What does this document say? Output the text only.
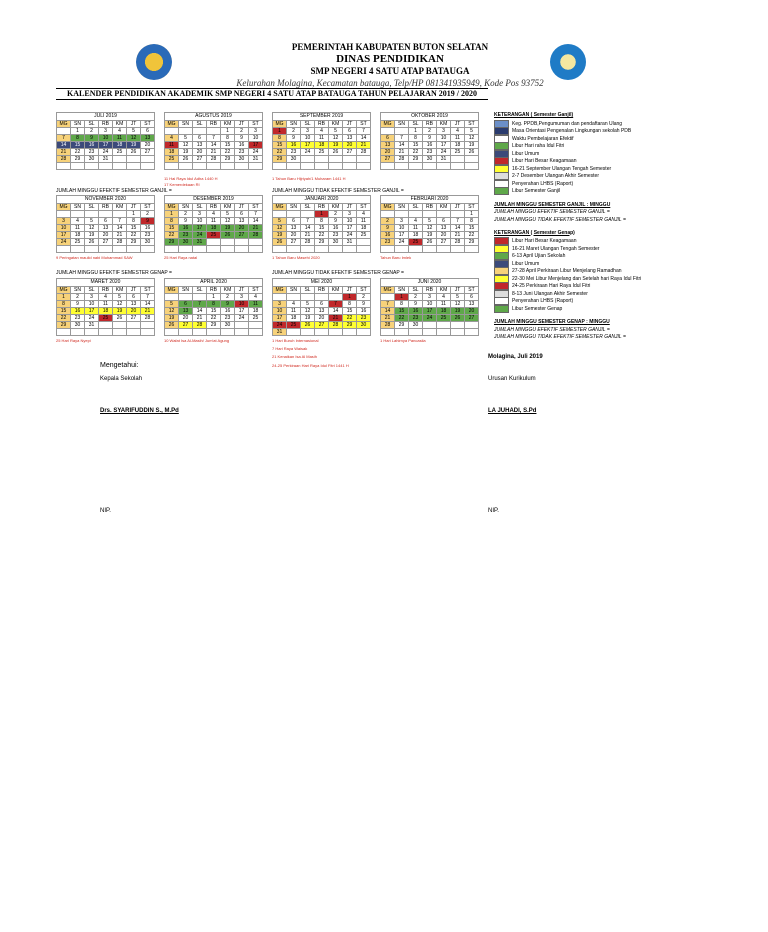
PEMERINTAH KABUPATEN BUTON SELATAN
DINAS PENDIDIKAN
SMP NEGERI 4 SATU ATAP BATAUGA
Kelurahan Molagina, Kecamatan batauga, Telp/HP 081341935949, Kode Pos 93752
KALENDER PENDIDIKAN AKADEMIK SMP NEGERI 4 SATU ATAP BATAUGA TAHUN PELAJARAN 2019 / 2020
JULI 2019
MG	SN	SL	RB	KM	JT	ST
	1	2	3	4	5	6
7	8	9	10	11	12	13
14	15	16	17	18	19	20
21	22	23	24	25	26	27
28	29	30	31			

AGUSTUS 2019
MG	SN	SL	RB	KM	JT	ST
				1	2	3
4	5	6	7	8	9	10
11	12	13	14	15	16	17
18	19	20	21	22	23	24
25	26	27	28	29	30	31

SEPTEMBER 2019
MG	SN	SL	RB	KM	JT	ST
1	2	3	4	5	6	7
8	9	10	11	12	13	14
15	16	17	18	19	20	21
22	23	24	25	26	27	28
29	30					

OKTOBER 2019
MG	SN	SL	RB	KM	JT	ST
		1	2	3	4	5
6	7	8	9	10	11	12
13	14	15	16	17	18	19
20	21	22	23	24	25	26
27	28	29	30	31		

NOVEMBER 2020
MG	SN	SL	RB	KM	JT	ST
					1	2
3	4	5	6	7	8	9
10	11	12	13	14	15	16
17	18	19	20	21	22	23
24	25	26	27	28	29	30

DESEMBER 2019
MG	SN	SL	RB	KM	JT	ST
1	2	3	4	5	6	7
8	9	10	11	12	13	14
15	16	17	18	19	20	21
22	23	24	25	26	27	28
29	30	31				

JANUARI 2020
MG	SN	SL	RB	KM	JT	ST
			1	2	3	4
5	6	7	8	9	10	11
12	13	14	15	16	17	18
19	20	21	22	23	24	25
26	27	28	29	30	31	

FEBRUARI 2020
MG	SN	SL	RB	KM	JT	ST
						1
2	3	4	5	6	7	8
9	10	11	12	13	14	15
16	17	18	19	20	21	22
23	24	25	26	27	28	29

MARET 2020
MG	SN	SL	RB	KM	JT	ST
1	2	3	4	5	6	7
8	9	10	11	12	13	14
15	16	17	18	19	20	21
22	23	24	25	26	27	28
29	30	31				

APRIL 2020
MG	SN	SL	RB	KM	JT	ST
			1	2	3	4
5	6	7	8	9	10	11
12	13	14	15	16	17	18
19	20	21	22	23	24	25
26	27	28	29	30		

MEI 2020
MG	SN	SL	RB	KM	JT	ST
					1	2
3	4	5	6	7	8	9
10	11	12	13	14	15	16
17	18	19	20	21	22	23
24	25	26	27	28	29	30
31						
JUNI 2020
MG	SN	SL	RB	KM	JT	ST
	1	2	3	4	5	6
7	8	9	10	11	12	13
14	15	16	17	18	19	20
21	22	23	24	25	26	27
28	29	30				

11 Hai Raya Idul Adha 1440 H
17 Kemerdekaan RI
1 Tahun Baru Hijriyah/1 Muharam 1441 H
JUMLAH MINGGU EFEKTIF SEMESTER GANJIL =	JUMLAH MINGGU TIDAK EFEKTIF SEMESTER GANJIL =
9 Peringatan maulid nabi Muhammad SAW	25 Hari Raya natal	1 Tahun Baru Masehi 2020	Tahun Baru Imlek
JUMLAH MINGGU EFEKTIF SEMESTER GENAP =	JUMLAH MINGGU TIDAK EFEKTIF SEMESTER GENAP =
25 Hari Raya Nyepi	10 Wafat Isa Al-Masih/ Jum'at Agung	1 Hari Buruh Internasional
7 Hari Raya Waisak
21 Kenaikan Isa Al Masih
24-25 Perkiraan Hari Raya Idul Fitri 1441 H
1 Hari Lahirnya Pancasila
KETERANGAN ( Semester Ganjil)
Keg. PPDB,Pengumuman dan pendaftaran Ulang
Masa Orientasi Pengenalan Lingkungan sekolah PDB
Waktu Pembelajaran Efektif
Libur Hari raha Idul Fitri
Libur Umum
Libur Hari Besar Keagamaan
16-21 September Ulangan Tengah Semester
2-7 Desember Ulangan Akhir Semester
Penyerahan LHBS (Raport)
Libur Semester Ganjil
JUMLAH MINGGU SEMESTER GANJIL : MINGGU
JUMLAH MINGGU EFEKTIF SEMESTER GANJIL =
JUMLAH MINGGU TIDAK EFEKTIF SEMESTER GANJIL =
KETERANGAN ( Semester Genap)
Libur Hari Besar Keagamaan
16-21 Maret Ulangan Tengah Semester
6-13 April Ujian Sekolah
Libur Umum
27-28 April Perkiraan Libur Menjelang Ramadhan
22-30 Mei Libur Menjelang dan Setelah hari Raya Idul Fitri
24-25 Perkiraan Hari Raya Idul Fitri
8-13 Juni Ulangan Akhir Semester
Penyerahan LHBS (Raport)
Libur Semester Genap
JUMLAH MINGGU SEMESTER GENAP : MINGGU
JUMLAH MINGGU EFEKTIF SEMESTER GANJIL =
JUMLAH MINGGU TIDAK EFEKTIF SEMESTER GANJIL =
Molagina, Juli 2019
Mengetahui:
Kepala Sekolah	Urusan Kurikulum
Drs. SYARIFUDDIN S., M.Pd	LA JUHADI, S.Pd
NIP.	NIP.
